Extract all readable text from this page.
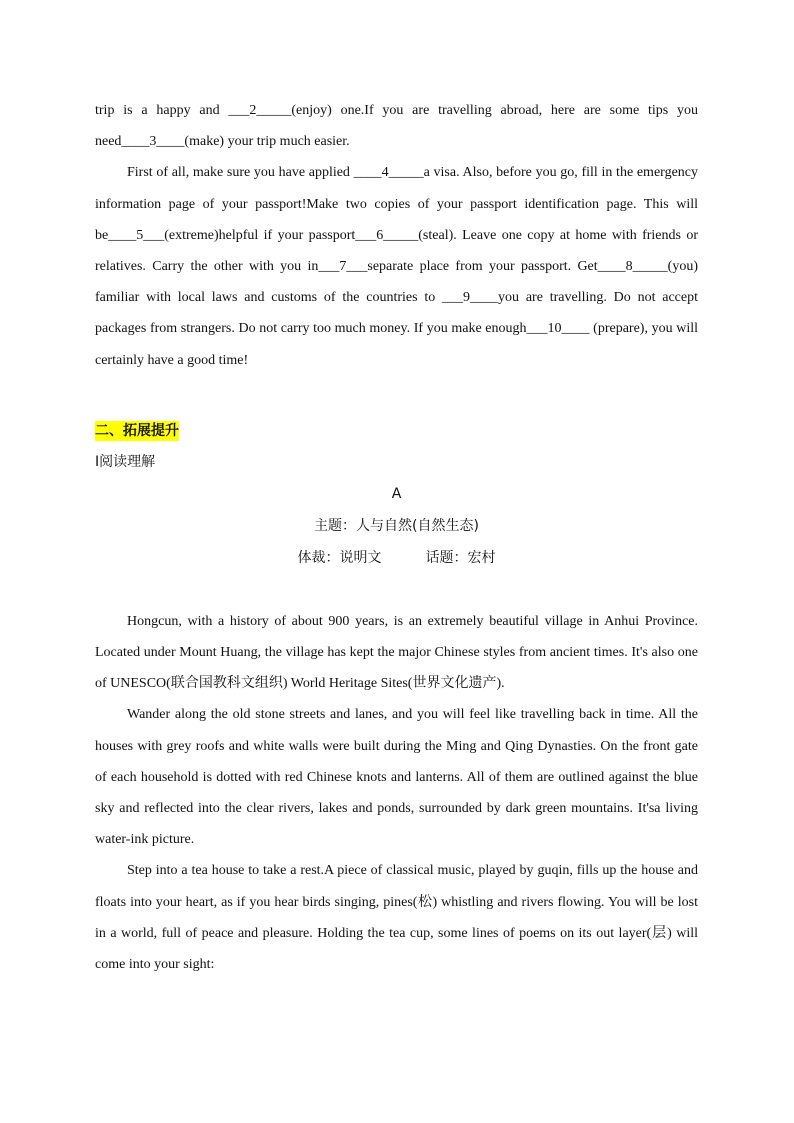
trip is a happy and ___2_____(enjoy) one.If you are travelling abroad, here are some tips you need____3____(make) your trip much easier.

First of all, make sure you have applied ____4_____a visa. Also, before you go, fill in the emergency information page of your passport!Make two copies of your passport identification page. This will be____5___(extreme)helpful if your passport___6_____(steal). Leave one copy at home with friends or relatives. Carry the other with you in___7___separate place from your passport. Get____8_____(you) familiar with local laws and customs of the countries to ___9____you are travelling. Do not accept packages from strangers. Do not carry too much money. If you make enough___10____ (prepare), you will certainly have a good time!

二、拓展提升
I阅读理解

A

主题：人与自然(自然生态)

体裁：说明文	话题：宏村

Hongcun, with a history of about 900 years, is an extremely beautiful village in Anhui Province. Located under Mount Huang, the village has kept the major Chinese styles from ancient times. It's also one of UNESCO(联合国教科文组织) World Heritage Sites(世界文化遗产).

Wander along the old stone streets and lanes, and you will feel like travelling back in time. All the houses with grey roofs and white walls were built during the Ming and Qing Dynasties. On the front gate of each household is dotted with red Chinese knots and lanterns. All of them are outlined against the blue sky and reflected into the clear rivers, lakes and ponds, surrounded by dark green mountains. It'sa living water-ink picture.

Step into a tea house to take a rest.A piece of classical music, played by guqin, fills up the house and floats into your heart, as if you hear birds singing, pines(松) whistling and rivers flowing. You will be lost in a world, full of peace and pleasure. Holding the tea cup, some lines of poems on its out layer(层) will come into your sight:
